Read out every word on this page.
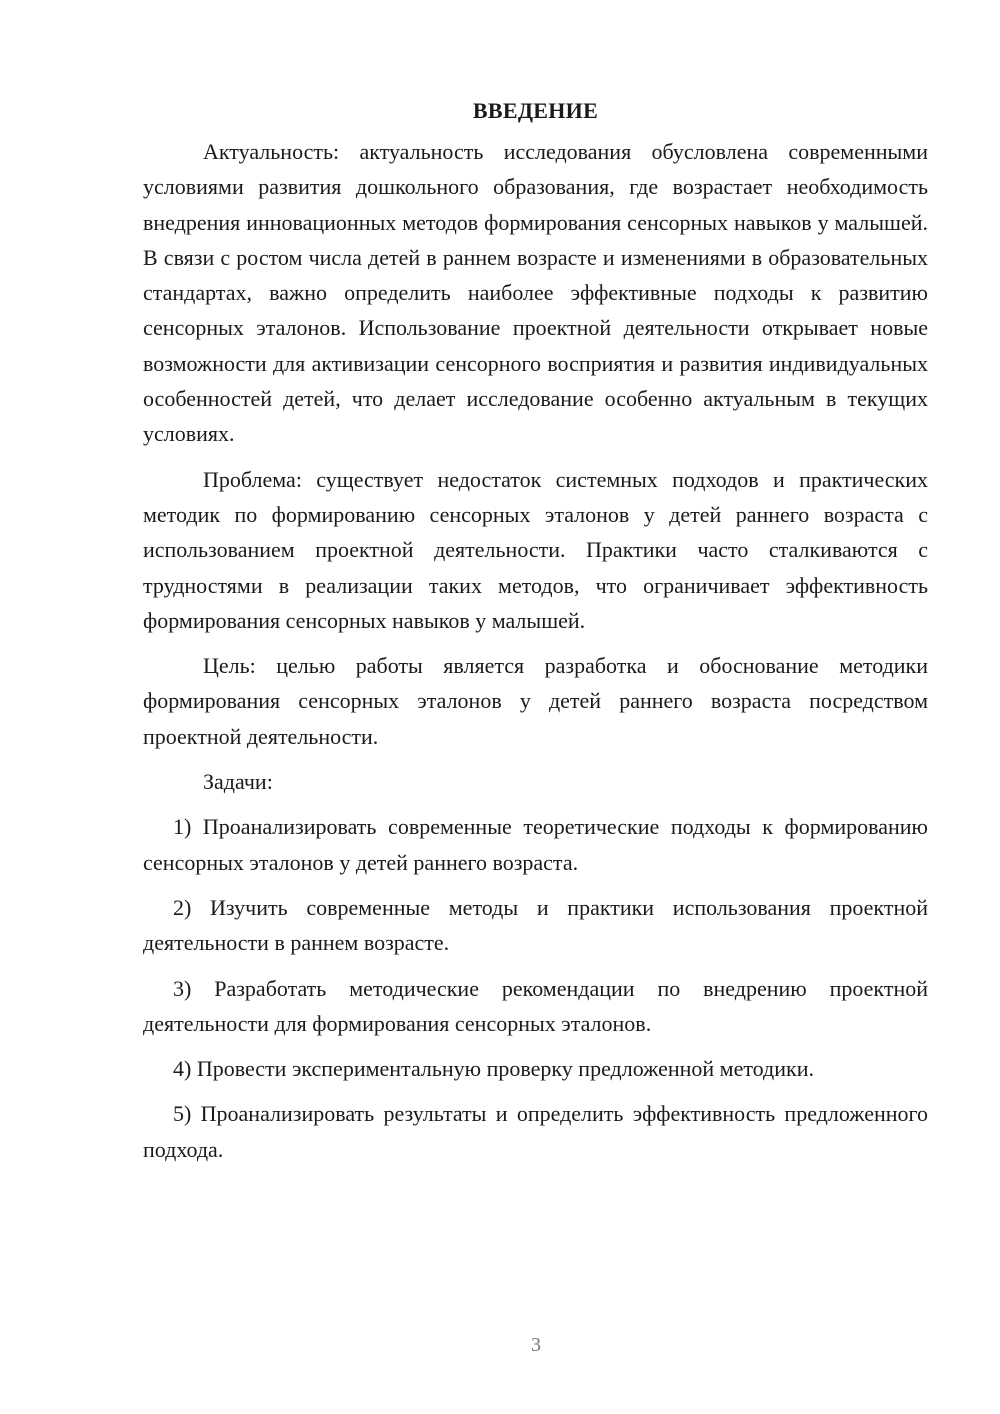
ВВЕДЕНИЕ

Актуальность: актуальность исследования обусловлена современными условиями развития дошкольного образования, где возрастает необходимость внедрения инновационных методов формирования сенсорных навыков у малышей. В связи с ростом числа детей в раннем возрасте и изменениями в образовательных стандартах, важно определить наиболее эффективные подходы к развитию сенсорных эталонов. Использование проектной деятельности открывает новые возможности для активизации сенсорного восприятия и развития индивидуальных особенностей детей, что делает исследование особенно актуальным в текущих условиях.

Проблема: существует недостаток системных подходов и практических методик по формированию сенсорных эталонов у детей раннего возраста с использованием проектной деятельности. Практики часто сталкиваются с трудностями в реализации таких методов, что ограничивает эффективность формирования сенсорных навыков у малышей.

Цель: целью работы является разработка и обоснование методики формирования сенсорных эталонов у детей раннего возраста посредством проектной деятельности.

Задачи:

1) Проанализировать современные теоретические подходы к формированию сенсорных эталонов у детей раннего возраста.

2) Изучить современные методы и практики использования проектной деятельности в раннем возрасте.

3) Разработать методические рекомендации по внедрению проектной деятельности для формирования сенсорных эталонов.

4) Провести экспериментальную проверку предложенной методики.

5) Проанализировать результаты и определить эффективность предложенного подхода.

3
